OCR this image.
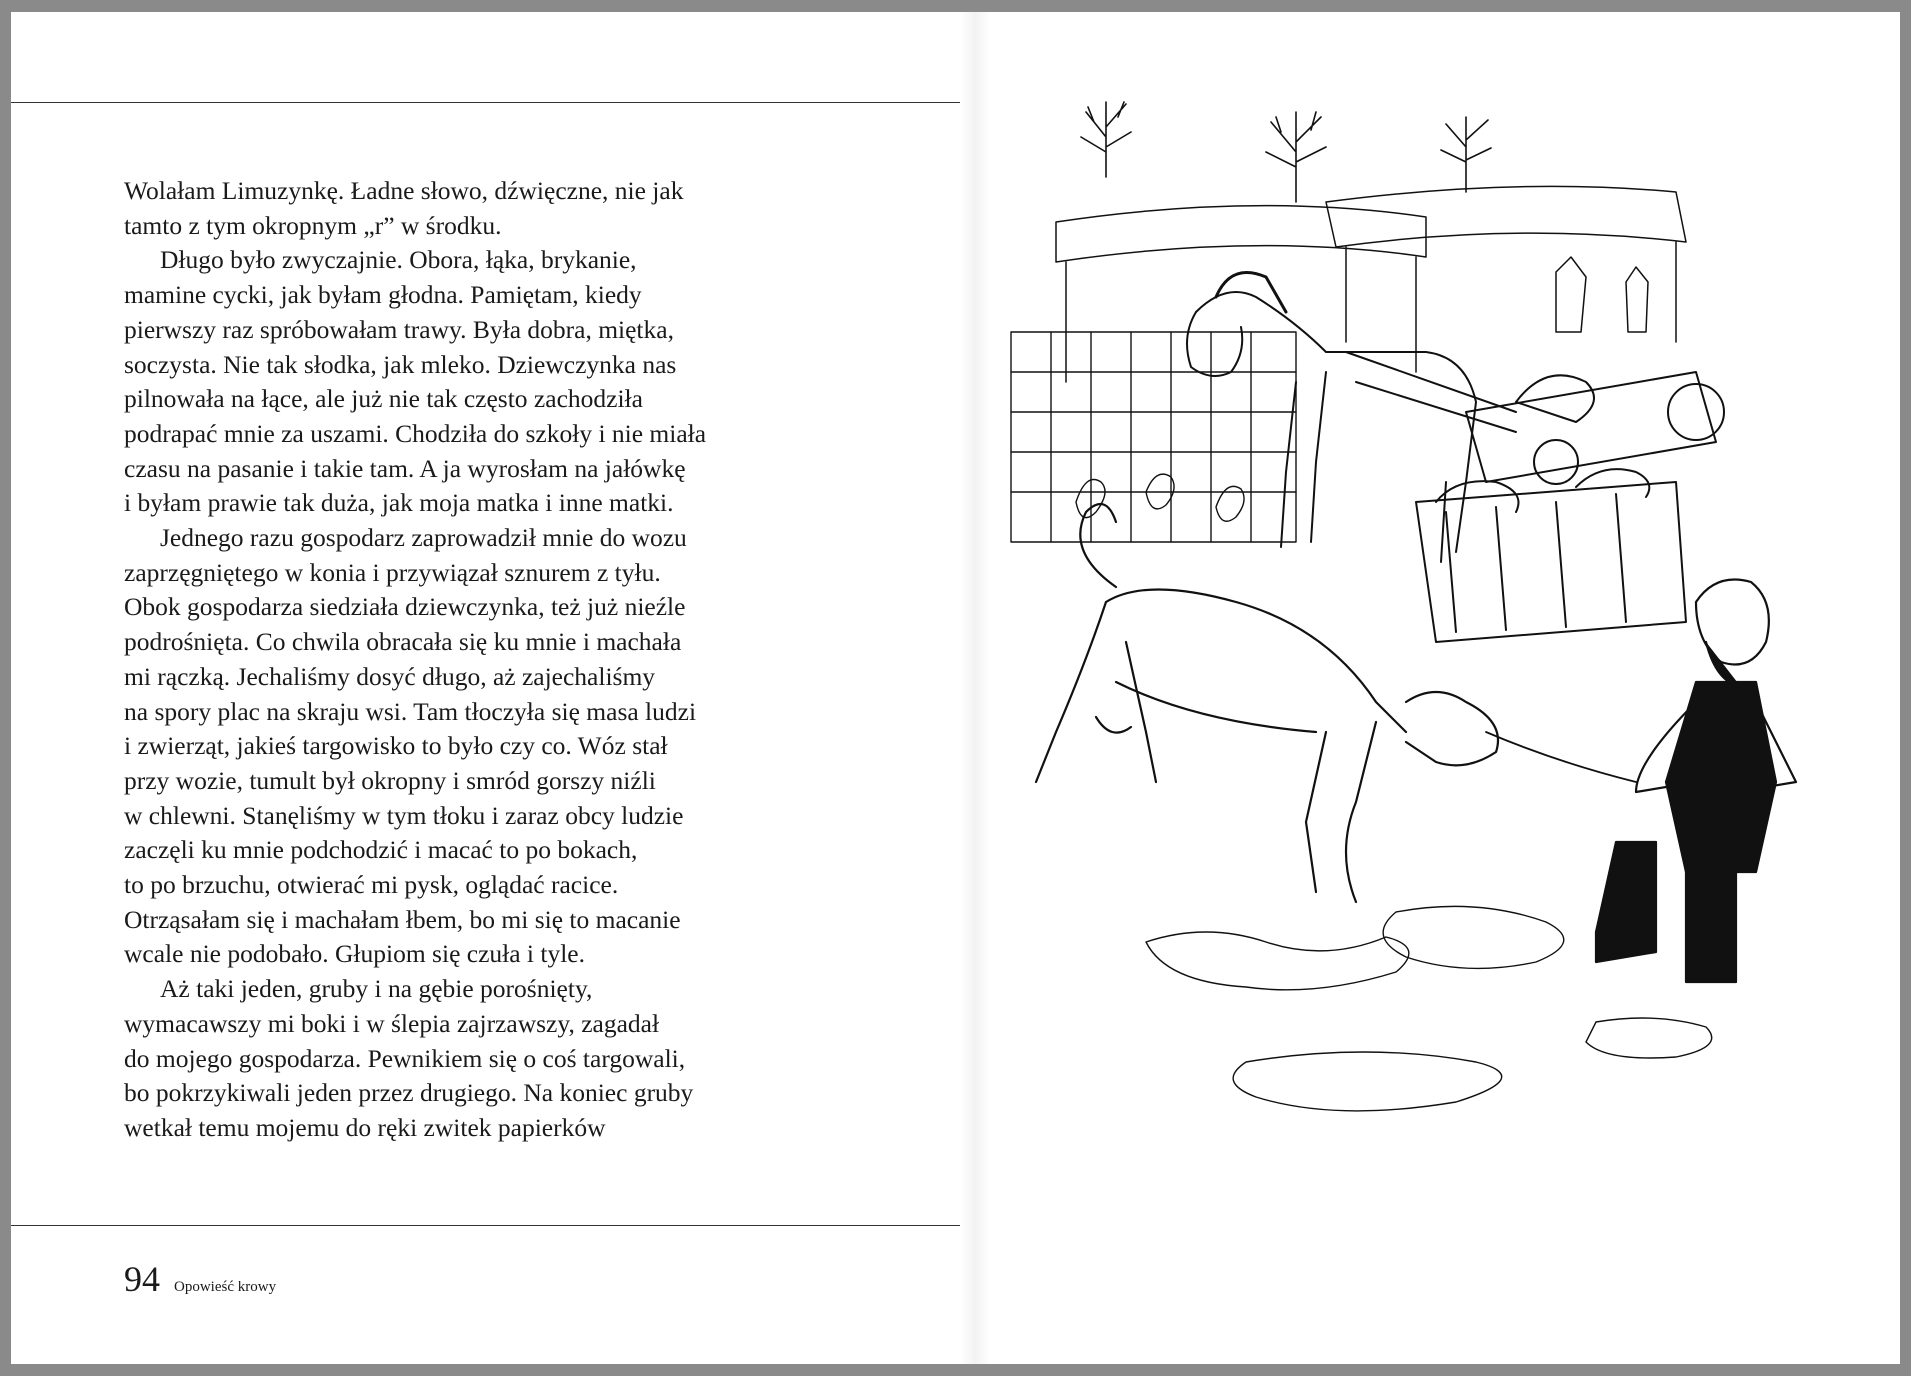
Wolałam Limuzynkę. Ładne słowo, dźwięczne, nie jak
tamto z tym okropnym „r” w środku.
Długo było zwyczajnie. Obora, łąka, brykanie,
mamine cycki, jak byłam głodna. Pamiętam, kiedy
pierwszy raz spróbowałam trawy. Była dobra, miętka,
soczysta. Nie tak słodka, jak mleko. Dziewczynka nas
pilnowała na łące, ale już nie tak często zachodziła
podrapać mnie za uszami. Chodziła do szkoły i nie miała
czasu na pasanie i takie tam. A ja wyrosłam na jałówkę
i byłam prawie tak duża, jak moja matka i inne matki.
Jednego razu gospodarz zaprowadził mnie do wozu
zaprzęgniętego w konia i przywiązał sznurem z tyłu.
Obok gospodarza siedziała dziewczynka, też już nieźle
podrośnięta. Co chwila obracała się ku mnie i machała
mi rączką. Jechaliśmy dosyć długo, aż zajechaliśmy
na spory plac na skraju wsi. Tam tłoczyła się masa ludzi
i zwierząt, jakieś targowisko to było czy co. Wóz stał
przy wozie, tumult był okropny i smród gorszy niźli
w chlewni. Stanęliśmy w tym tłoku i zaraz obcy ludzie
zaczęli ku mnie podchodzić i macać to po bokach,
to po brzuchu, otwierać mi pysk, oglądać racice.
Otrząsałam się i machałam łbem, bo mi się to macanie
wcale nie podobało. Głupiom się czuła i tyle.
Aż taki jeden, gruby i na gębie porośnięty,
wymacawszy mi boki i w ślepia zajrzawszy, zagadał
do mojego gospodarza. Pewnikiem się o coś targowali,
bo pokrzykiwali jeden przez drugiego. Na koniec gruby
wetkał temu mojemu do ręki zwitek papierków
94 Opowieść krowy
